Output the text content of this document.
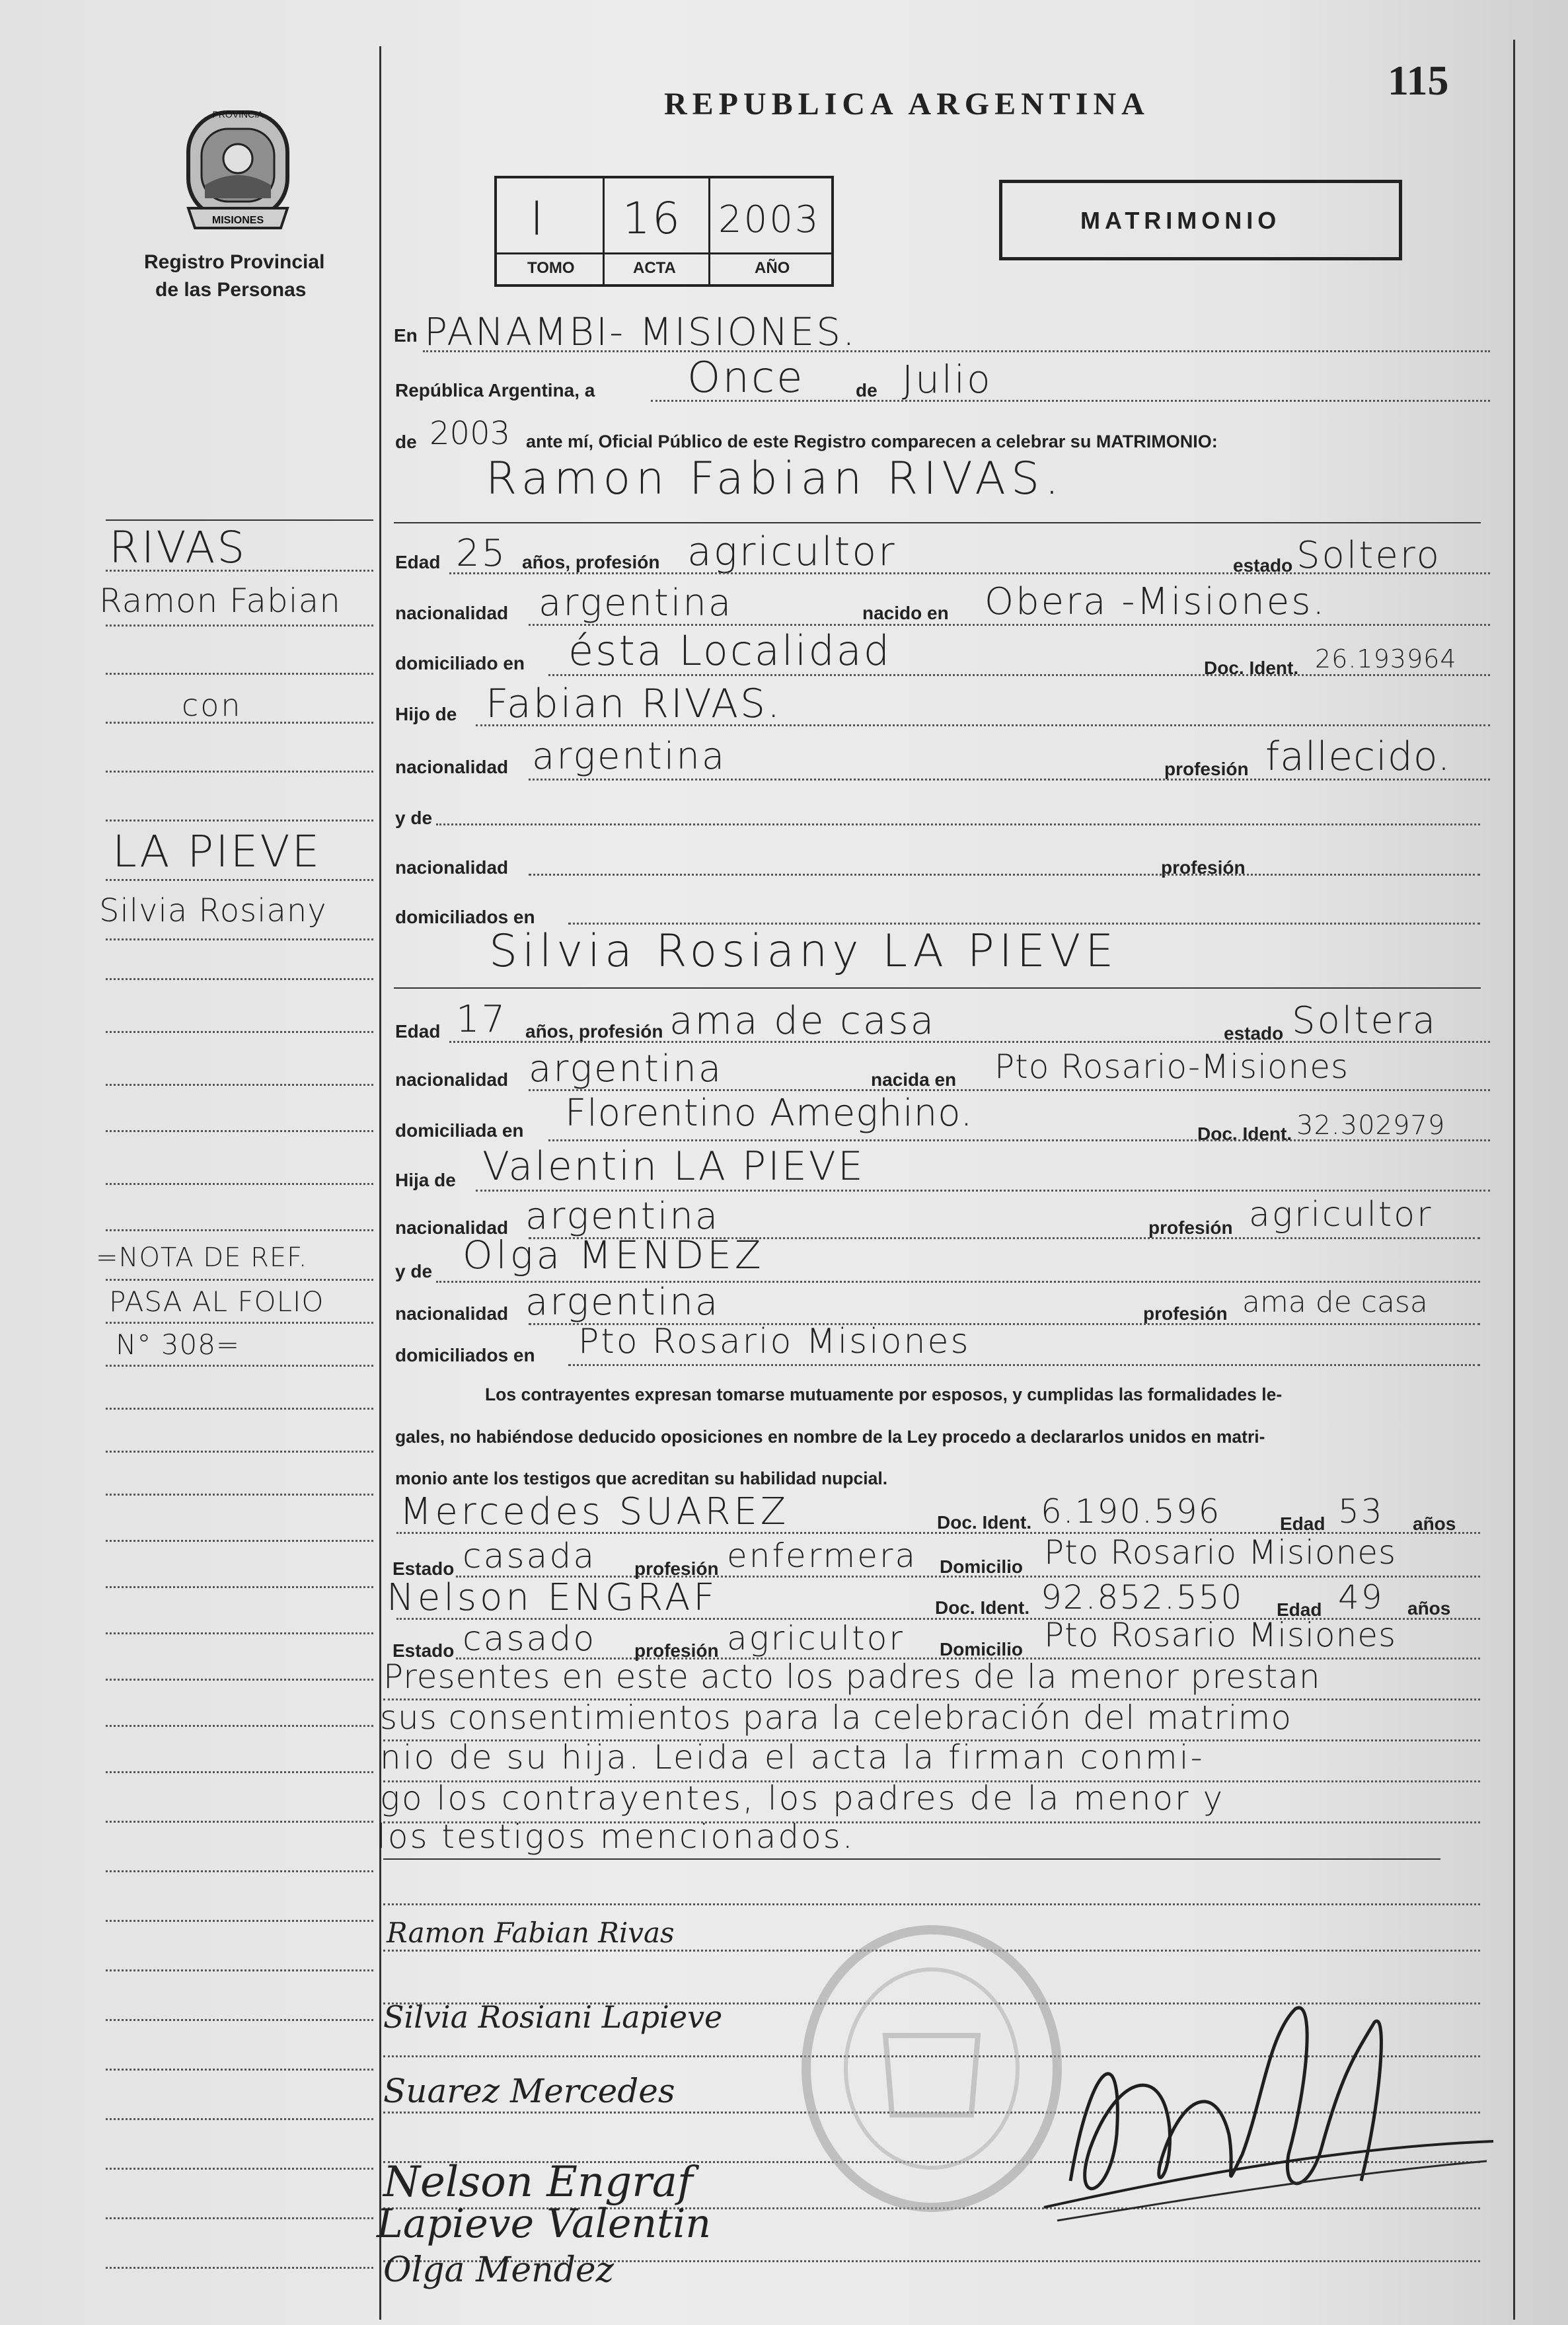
REPUBLICA ARGENTINA
115
PROVINCIA
MISIONES
Registro Provincial
de las Personas
I 16 2003
TOMO	ACTA	AÑO
MATRIMONIO
RIVAS
Ramon Fabian
con
LA PIEVE
Silvia Rosiany
=NOTA DE REF.
PASA AL FOLIO
N° 308=
En PANAMBI- MISIONES.
República Argentina, a Once	de Julio
de 2003 ante mí, Oficial Público de este Registro comparecen a celebrar su MATRIMONIO:
Ramon Fabian RIVAS.
Edad 25 años, profesión agricultor	estado Soltero
nacionalidad argentina	nacido en Obera -Misiones.
domiciliado en ésta Localidad	Doc. Ident. 26.193964
Hijo de Fabian RIVAS.
nacionalidad argentina	profesión fallecido.
y de
nacionalidad	profesión
domiciliados en
Silvia Rosiany LA PIEVE
Edad 17 años, profesión ama de casa	estado Soltera
nacionalidad argentina	nacida en Pto Rosario-Misiones
domiciliada en Florentino Ameghino.	Doc. Ident. 32.302979
Hija de Valentin LA PIEVE
nacionalidad argentina	profesión agricultor
y de Olga MENDEZ
nacionalidad argentina	profesión ama de casa
domiciliados en Pto Rosario Misiones
Los contrayentes expresan tomarse mutuamente por esposos, y cumplidas las formalidades le-
gales, no habiéndose deducido oposiciones en nombre de la Ley procedo a declararlos unidos en matri-
monio ante los testigos que acreditan su habilidad nupcial.
Mercedes SUAREZ	Doc. Ident. 6.190.596	Edad 53 años
Estado casada profesión enfermera Domicilio Pto Rosario Misiones
Nelson ENGRAF	Doc. Ident. 92.852.550 Edad 49 años
Estado casado profesión agricultor Domicilio Pto Rosario Misiones
Presentes en este acto los padres de la menor prestan
sus consentimientos para la celebración del matrimo
nio de su hija. Leida el acta la firman conmi-
go los contrayentes, los padres de la menor y
los testigos mencionados.
Ramon Fabian Rivas
Silvia Rosiani Lapieve
Suarez Mercedes
Nelson Engraf
Lapieve Valentin
Olga Mendez
